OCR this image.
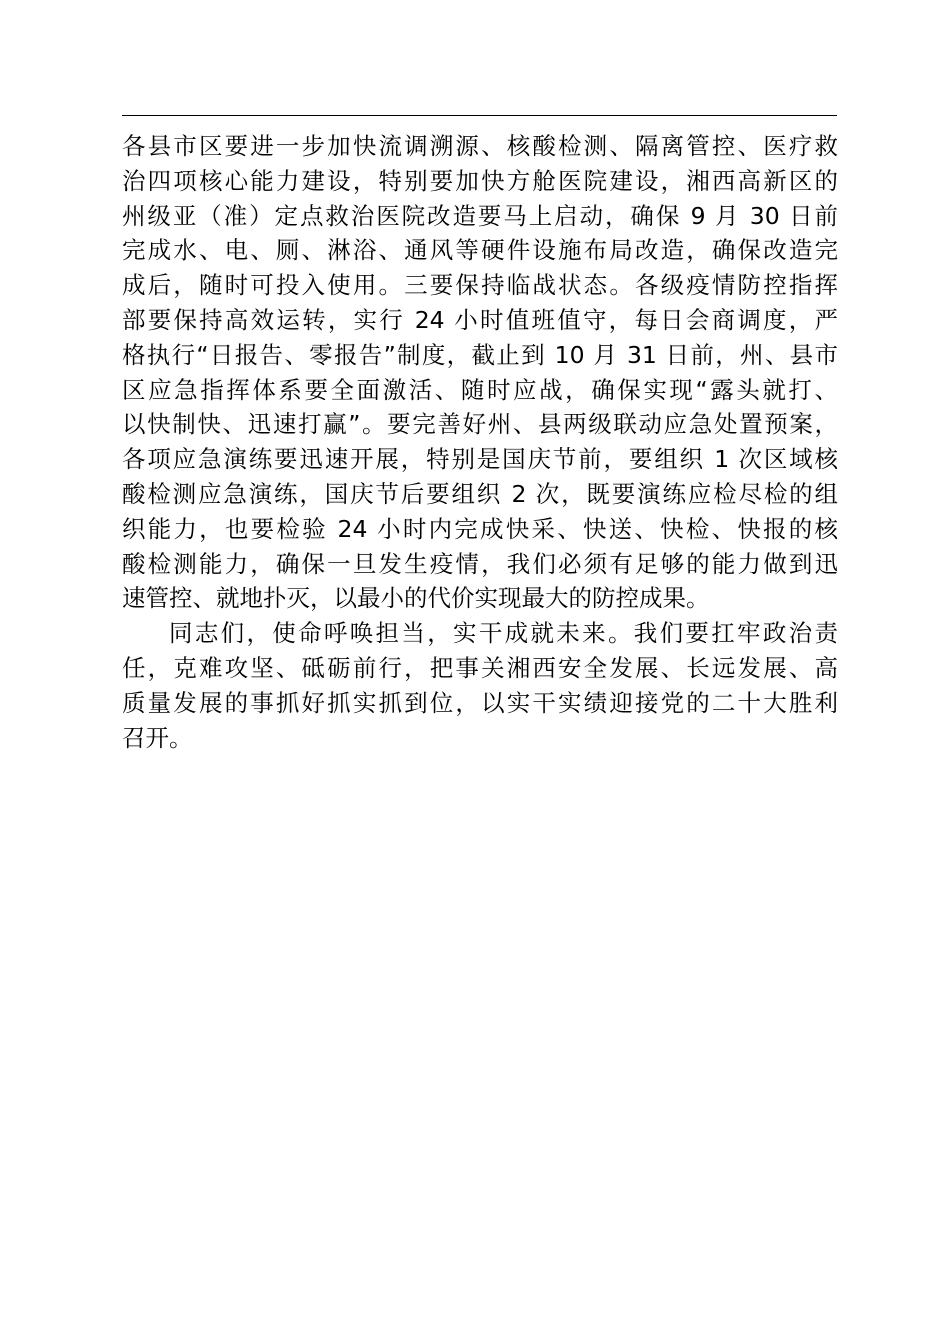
各县市区要进一步加快流调溯源、核酸检测、隔离管控、医疗救
治四项核心能力建设，特别要加快方舱医院建设，湘西高新区的
州级亚（准）定点救治医院改造要马上启动，确保 9 月 30 日前
完成水、电、厕、淋浴、通风等硬件设施布局改造，确保改造完
成后，随时可投入使用。三要保持临战状态。各级疫情防控指挥
部要保持高效运转，实行 24 小时值班值守，每日会商调度，严
格执行“日报告、零报告”制度，截止到 10 月 31 日前，州、县市
区应急指挥体系要全面激活、随时应战，确保实现“露头就打、
以快制快、迅速打赢”。要完善好州、县两级联动应急处置预案，
各项应急演练要迅速开展，特别是国庆节前，要组织 1 次区域核
酸检测应急演练，国庆节后要组织 2 次，既要演练应检尽检的组
织能力，也要检验 24 小时内完成快采、快送、快检、快报的核
酸检测能力，确保一旦发生疫情，我们必须有足够的能力做到迅
速管控、就地扑灭，以最小的代价实现最大的防控成果。
同志们，使命呼唤担当，实干成就未来。我们要扛牢政治责
任，克难攻坚、砥砺前行，把事关湘西安全发展、长远发展、高
质量发展的事抓好抓实抓到位，以实干实绩迎接党的二十大胜利
召开。
